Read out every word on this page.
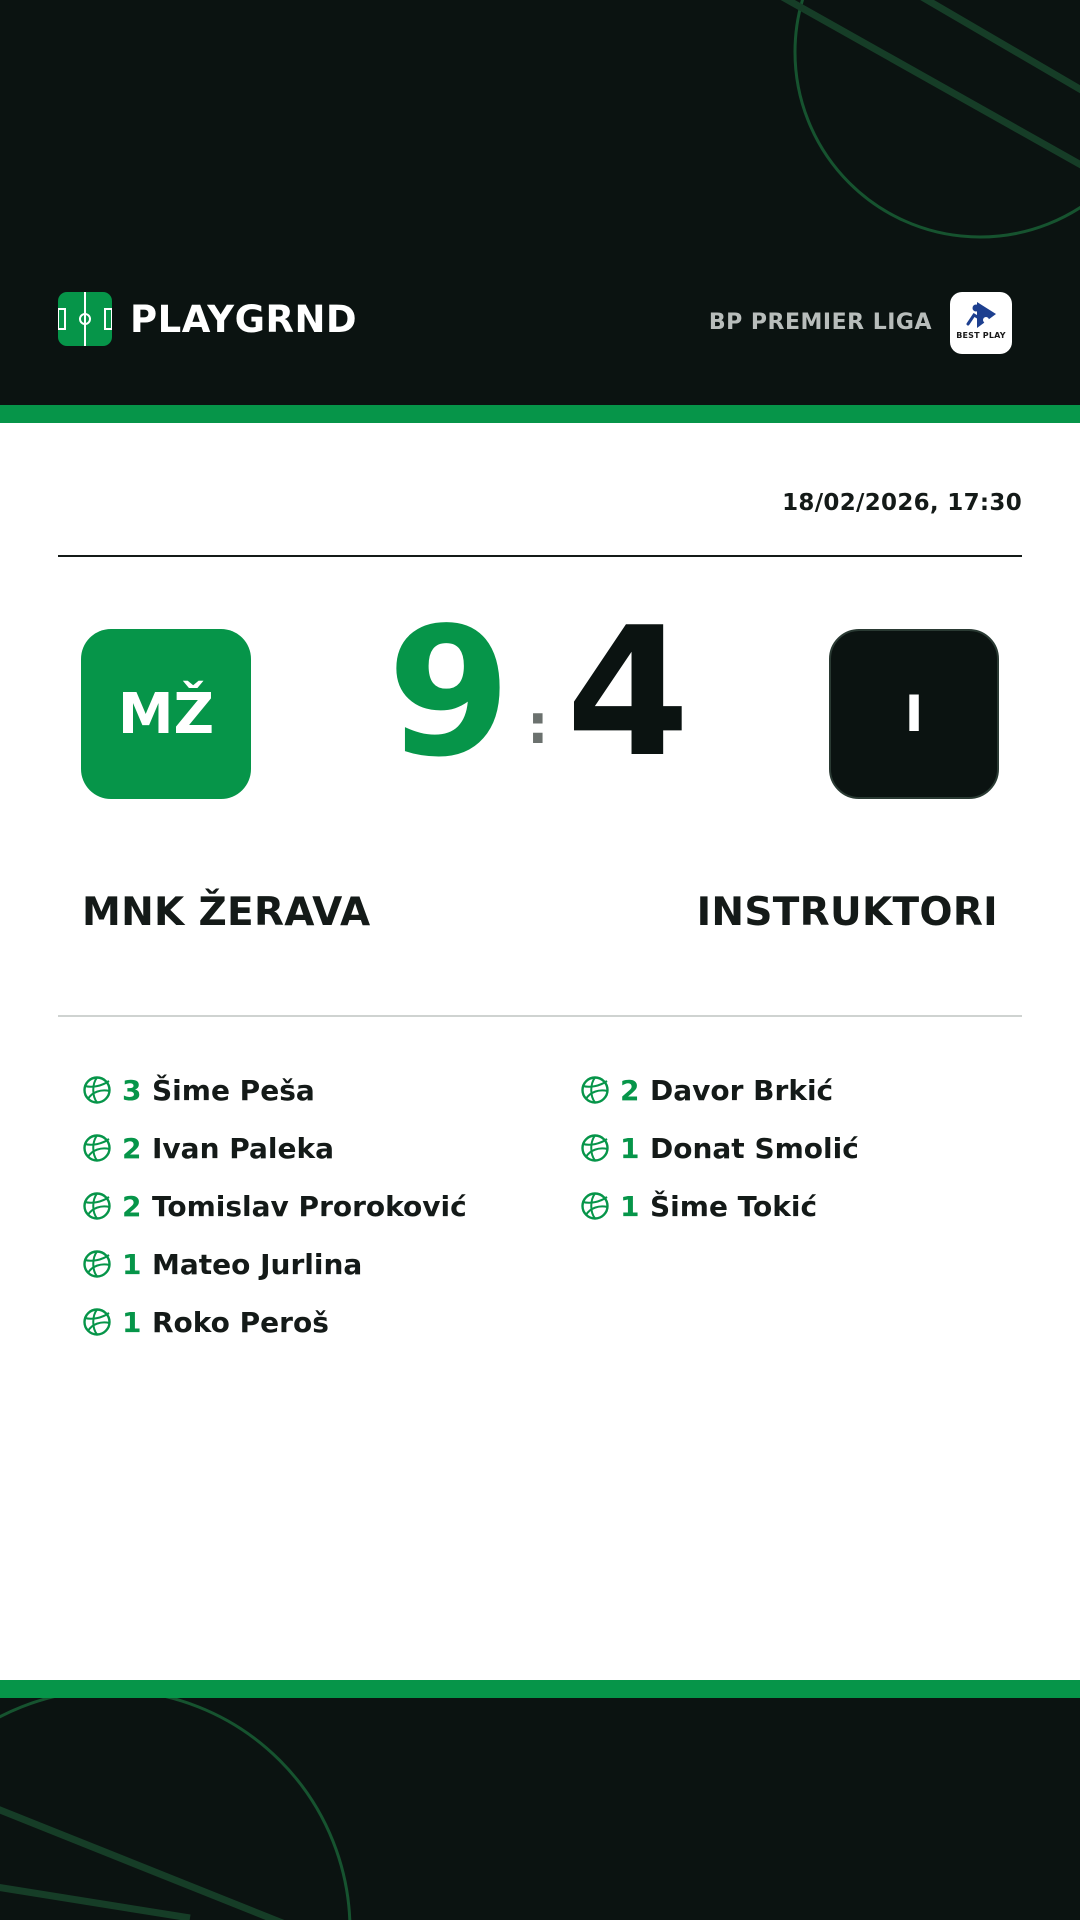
PLAYGRND	BP PREMIER LIGA
BEST PLAY
18/02/2026, 17:30
MŽ 9 : 4	I
MNK ŽERAVA	INSTRUKTORI
3 Šime Peša
2 Ivan Paleka
2 Tomislav Proroković
1 Mateo Jurlina
1 Roko Peroš
2 Davor Brkić
1 Donat Smolić
1 Šime Tokić
